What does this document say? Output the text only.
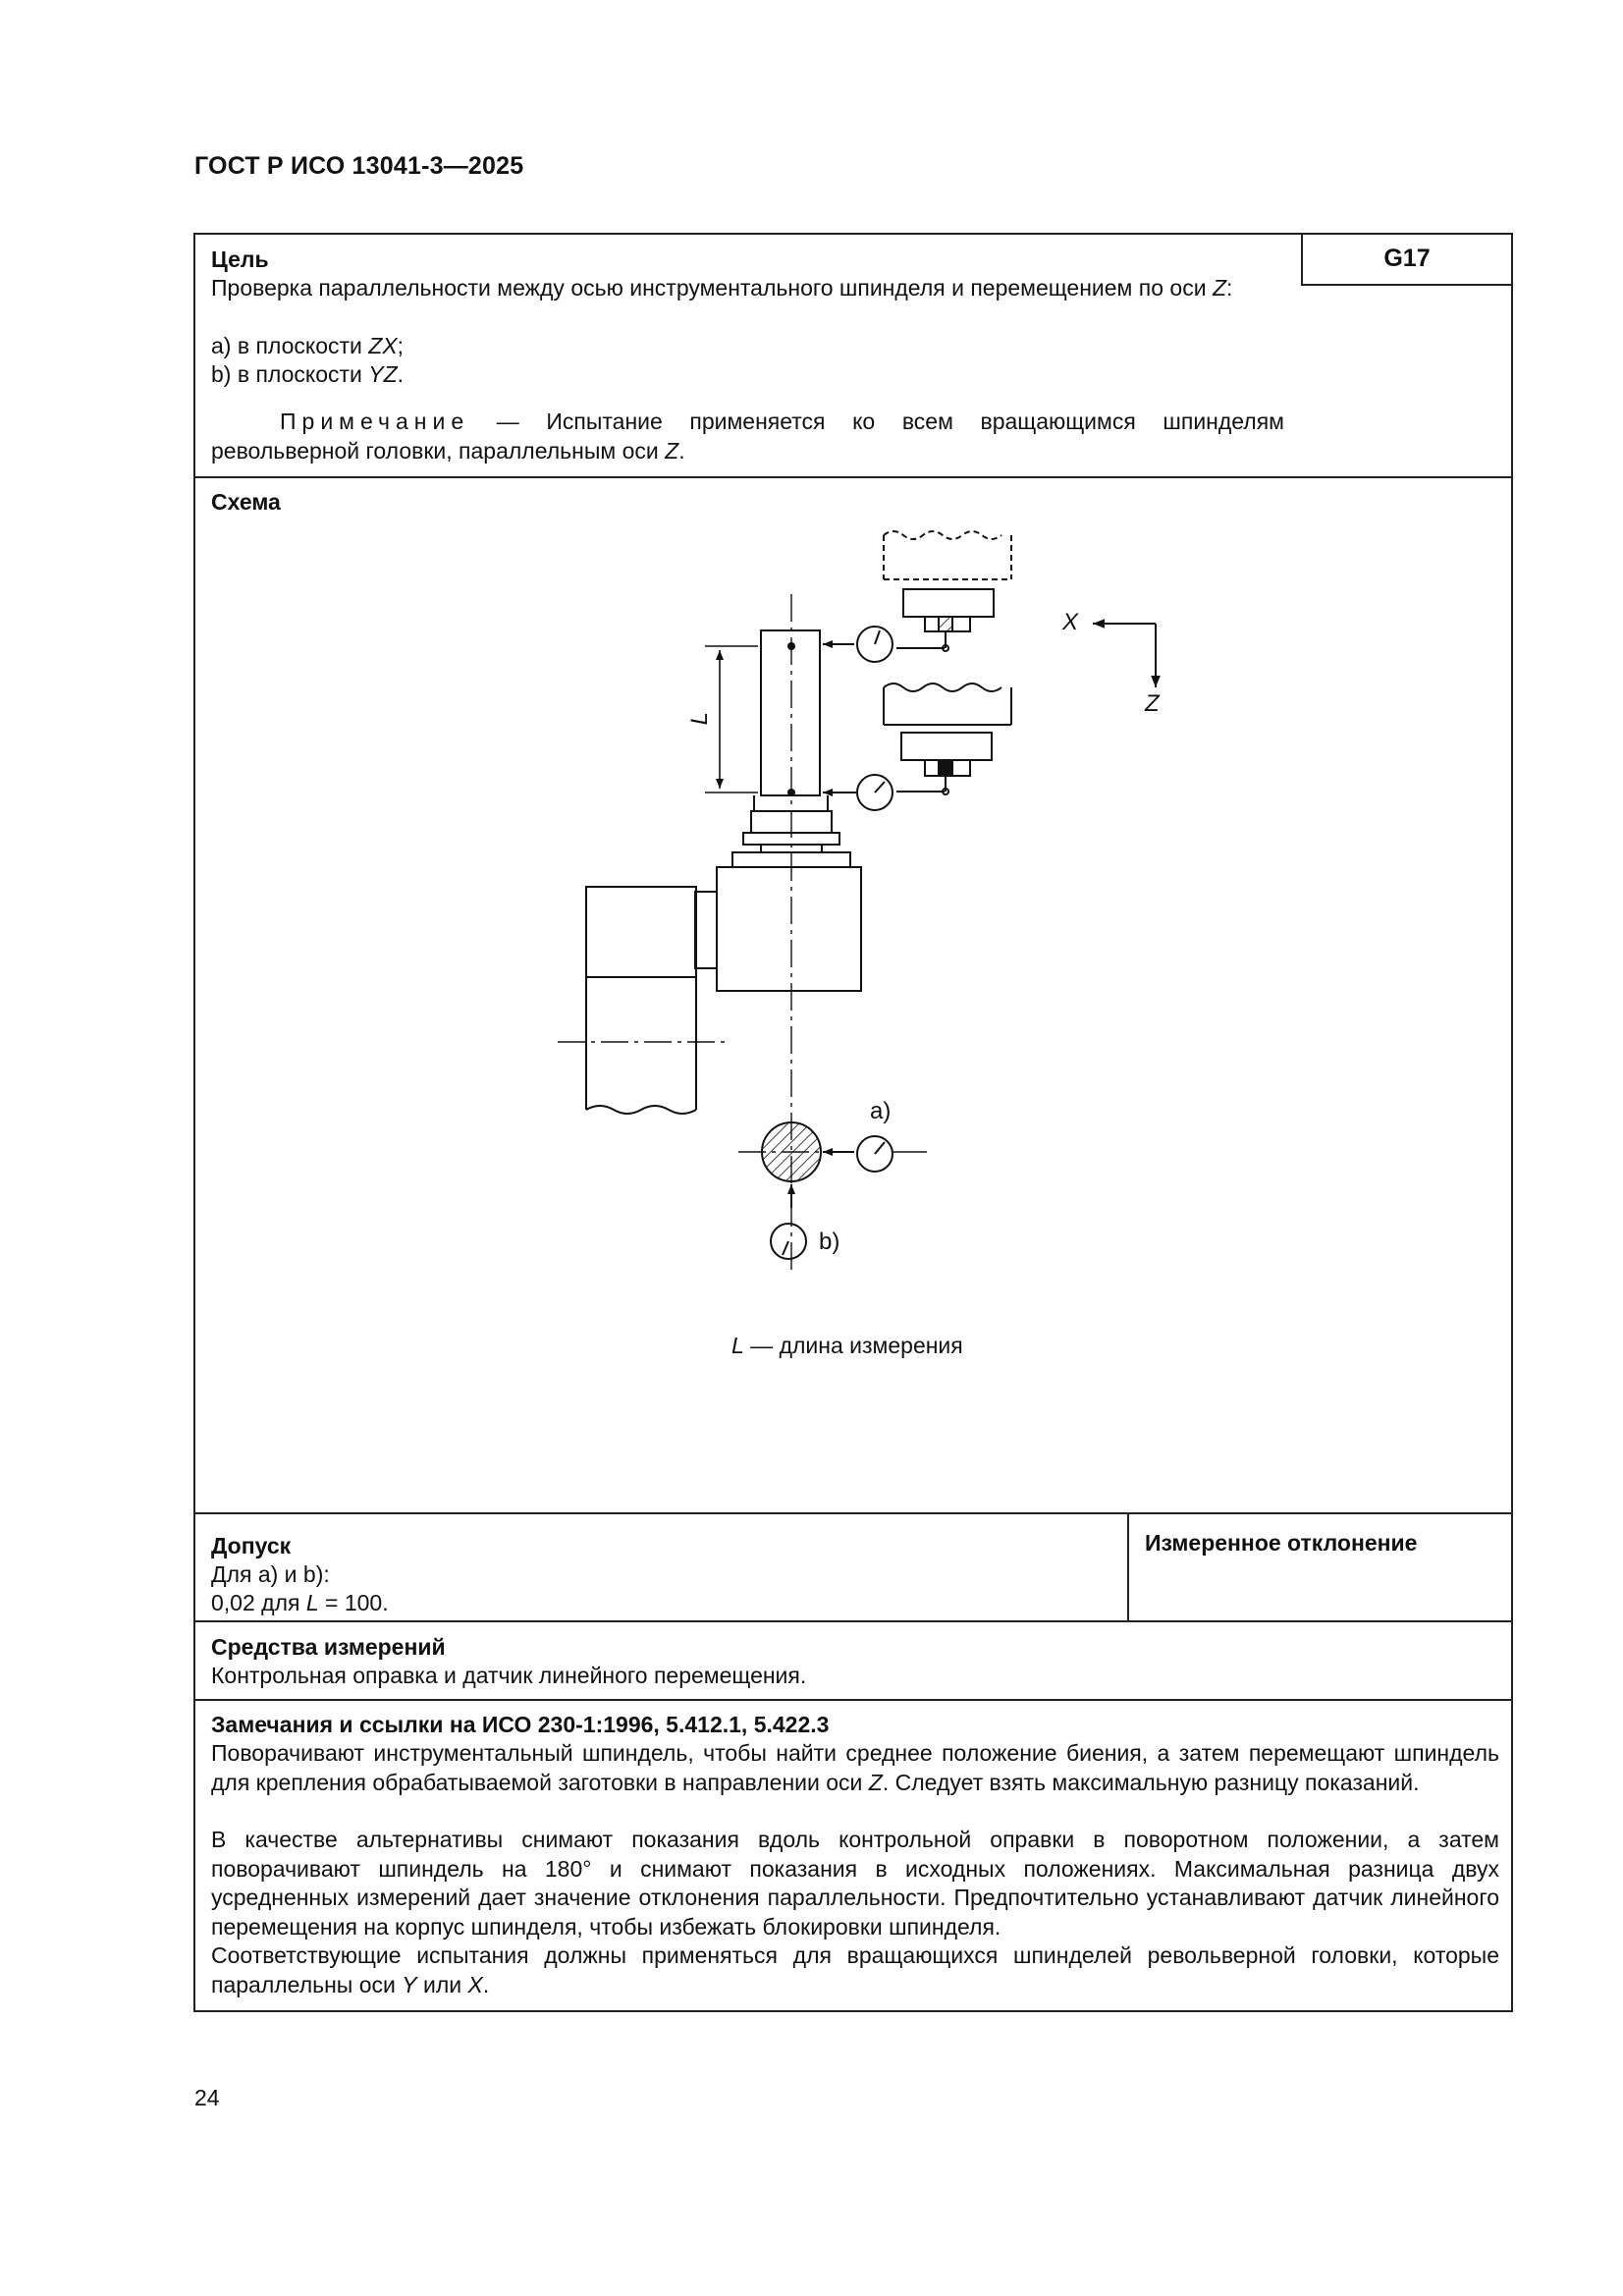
ГОСТ Р ИСО 13041-3—2025
Цель	G17
Проверка параллельности между осью инструментального шпинделя и перемещением по оси Z:
a) в плоскости ZX;
b) в плоскости YZ.
Примечание — Испытание применяется ко всем вращающимся шпинделям револьверной головки, параллельным оси Z.
Схема
X
Z
L
a)
b)
L — длина измерения
Допуск
Для a) и b):
0,02 для L = 100.
Измеренное отклонение
Средства измерений
Контрольная оправка и датчик линейного перемещения.
Замечания и ссылки на ИСО 230-1:1996, 5.412.1, 5.422.3
Поворачивают инструментальный шпиндель, чтобы найти среднее положение биения, а затем перемещают шпиндель для крепления обрабатываемой заготовки в направлении оси Z. Следует взять максимальную разницу показаний.
В качестве альтернативы снимают показания вдоль контрольной оправки в поворотном положении, а затем поворачивают шпиндель на 180° и снимают показания в исходных положениях. Максимальная разница двух усредненных измерений дает значение отклонения параллельности. Предпочтительно устанавливают датчик линейного перемещения на корпус шпинделя, чтобы избежать блокировки шпинделя.
Соответствующие испытания должны применяться для вращающихся шпинделей револьверной головки, которые параллельны оси Y или X.
24
